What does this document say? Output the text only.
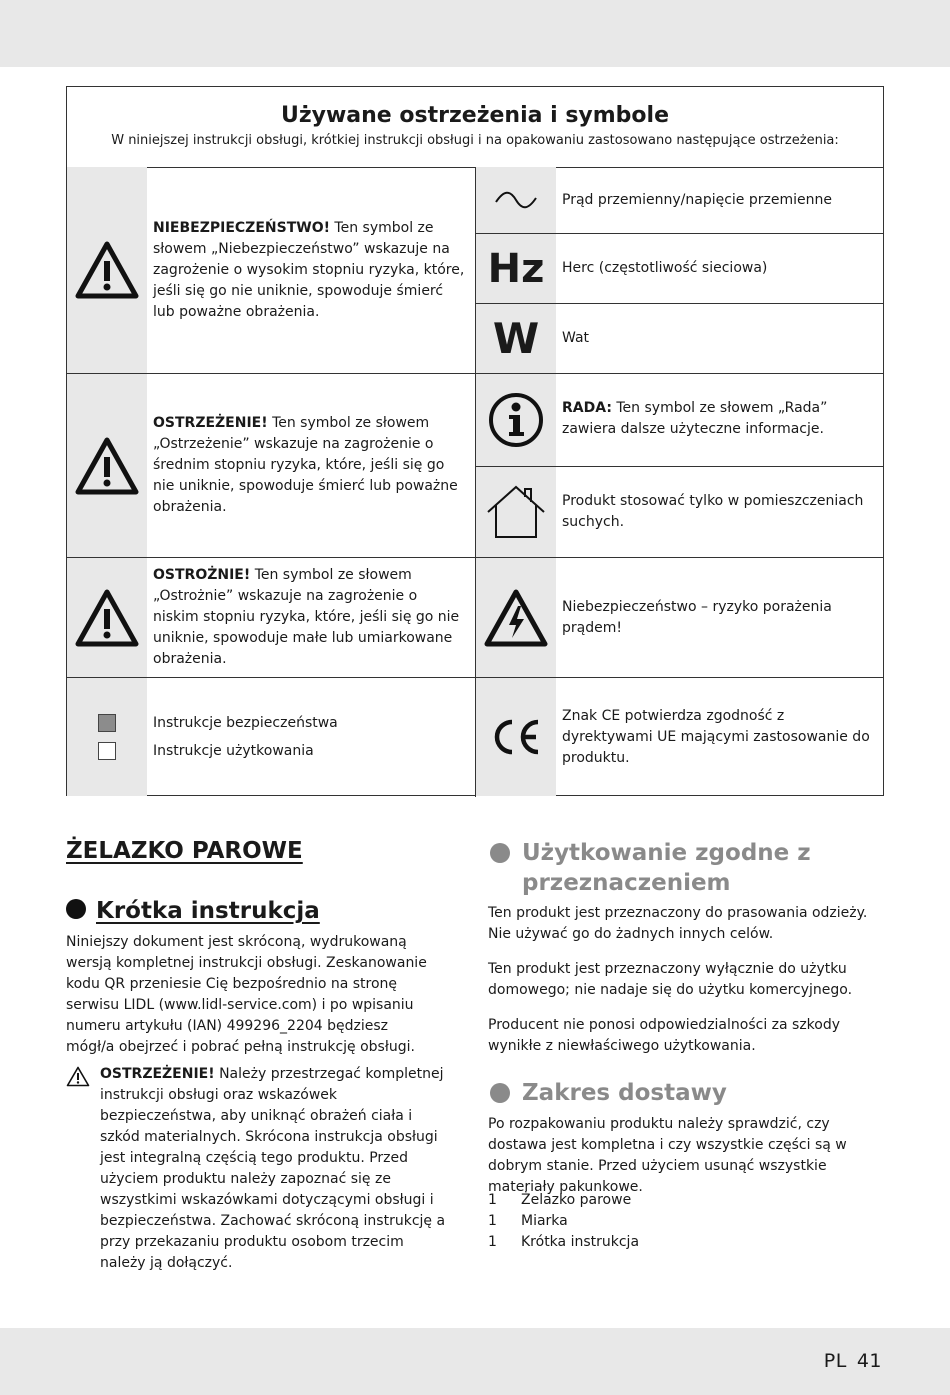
Używane ostrzeżenia i symbole

W niniejszej instrukcji obsługi, krótkiej instrukcji obsługi i na opakowaniu zastosowano następujące ostrzeżenia:

NIEBEZPIECZEŃSTWO! Ten symbol ze słowem „Niebezpieczeństwo” wskazuje na zagrożenie o wysokim stopniu ryzyka, które, jeśli się go nie uniknie, spowoduje śmierć lub poważne obrażenia.
OSTRZEŻENIE! Ten symbol ze słowem „Ostrzeżenie” wskazuje na zagrożenie o średnim stopniu ryzyka, które, jeśli się go nie uniknie, spowoduje śmierć lub poważne obrażenia.
OSTROŻNIE! Ten symbol ze słowem „Ostrożnie” wskazuje na zagrożenie o niskim stopniu ryzyka, które, jeśli się go nie uniknie, spowoduje małe lub umiarkowane obrażenia.
Instrukcje bezpieczeństwa
Instrukcje użytkowania
Prąd przemienny/napięcie przemienne
Hz Herc (częstotliwość sieciowa)
W Wat
RADA: Ten symbol ze słowem „Rada” zawiera dalsze użyteczne informacje.
Produkt stosować tylko w pomieszczeniach suchych.
Niebezpieczeństwo – ryzyko porażenia prądem!
Znak CE potwierdza zgodność z dyrektywami UE mającymi zastosowanie do produktu.
ŻELAZKO PAROWE
Krótka instrukcja

Niniejszy dokument jest skróconą, wydrukowaną wersją kompletnej instrukcji obsługi. Zeskanowanie kodu QR przeniesie Cię bezpośrednio na stronę serwisu LIDL (www.lidl-service.com) i po wpisaniu numeru artykułu (IAN) 499296_2204 będziesz mógł/a obejrzeć i pobrać pełną instrukcję obsługi.

OSTRZEŻENIE! Należy przestrzegać kompletnej instrukcji obsługi oraz wskazówek bezpieczeństwa, aby uniknąć obrażeń ciała i szkód materialnych. Skrócona instrukcja obsługi jest integralną częścią tego produktu. Przed użyciem produktu należy zapoznać się ze wszystkimi wskazówkami dotyczącymi obsługi i bezpieczeństwa. Zachować skróconą instrukcję a przy przekazaniu produktu osobom trzecim należy ją dołączyć.
Użytkowanie zgodne z przeznaczeniem

Ten produkt jest przeznaczony do prasowania odzieży. Nie używać go do żadnych innych celów.

Ten produkt jest przeznaczony wyłącznie do użytku domowego; nie nadaje się do użytku komercyjnego.

Producent nie ponosi odpowiedzialności za szkody wynikłe z niewłaściwego użytkowania.

Zakres dostawy

Po rozpakowaniu produktu należy sprawdzić, czy dostawa jest kompletna i czy wszystkie części są w dobrym stanie. Przed użyciem usunąć wszystkie materiały pakunkowe.

1	Żelazko parowe
1	Miarka
1	Krótka instrukcja
PL 41
